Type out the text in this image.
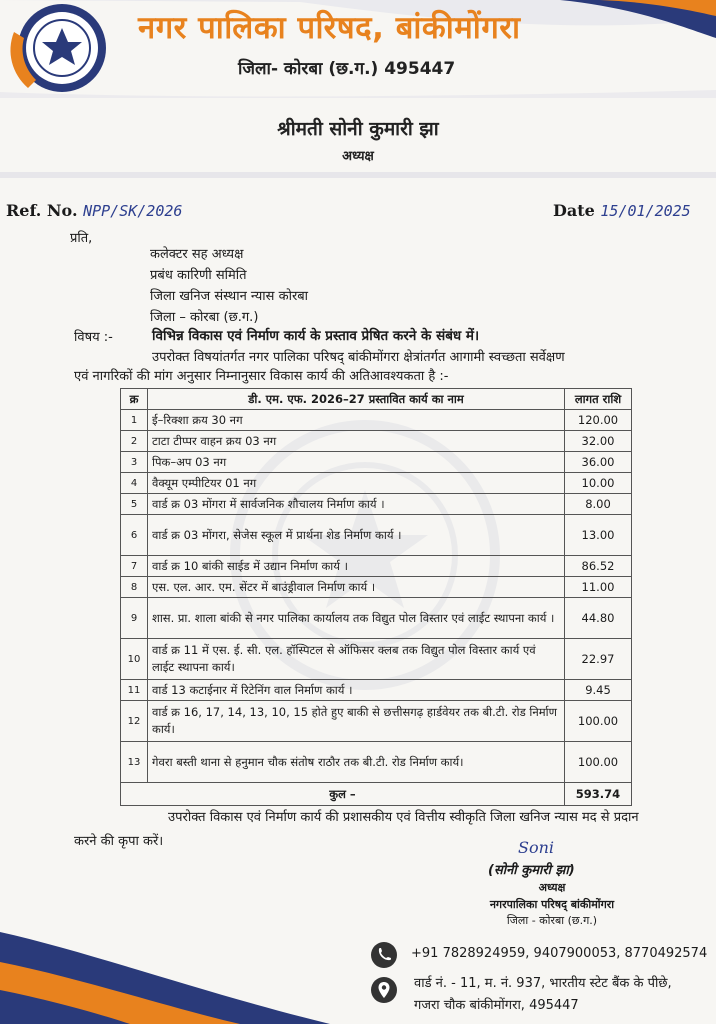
नगर पालिका परिषद, बांकीमोंगरा
जिला- कोरबा (छ.ग.) 495447
श्रीमती सोनी कुमारी झा
अध्यक्ष
Ref. No. NPP/SK/2026	Date 15/01/2025
प्रति,
कलेक्टर सह अध्यक्ष
प्रबंध कारिणी समिति
जिला खनिज संस्थान न्यास कोरबा
जिला – कोरबा (छ.ग.)
विषय :-	विभिन्न विकास एवं निर्माण कार्य के प्रस्ताव प्रेषित करने के संबंध में।
उपरोक्त विषयांतर्गत नगर पालिका परिषद् बांकीमोंगरा क्षेत्रांतर्गत आगामी स्वच्छता सर्वेक्षण
एवं नागरिकों की मांग अनुसार निम्नानुसार विकास कार्य की अतिआवश्यकता है :-
क्र	डी. एम. एफ. 2026–27 प्रस्तावित कार्य का नाम	लागत राशि
1	ई–रिक्शा क्रय 30 नग	120.00
2	टाटा टीप्पर वाहन क्रय 03 नग	32.00
3	पिक–अप 03 नग	36.00
4	वैक्यूम एम्पीटियर 01 नग	10.00
5	वार्ड क्र 03 मोंगरा में सार्वजनिक शौचालय निर्माण कार्य ।	8.00
6	वार्ड क्र 03 मोंगरा, सेजेस स्कूल में प्रार्थना शेड निर्माण कार्य ।	13.00
7	वार्ड क्र 10 बांकी साईड में उद्यान निर्माण कार्य ।	86.52
8	एस. एल. आर. एम. सेंटर में बाउंड्रीवाल निर्माण कार्य ।	11.00
9	शास. प्रा. शाला बांकी से नगर पालिका कार्यालय तक विद्युत पोल विस्तार एवं लाईट स्थापना कार्य ।	44.80
10	वार्ड क्र 11 में एस. ई. सी. एल. हॉस्पिटल से ऑफिसर क्लब तक विद्युत पोल विस्तार कार्य एवं लाईट स्थापना कार्य।	22.97
11	वार्ड 13 कटाईनार में रिटेनिंग वाल निर्माण कार्य ।	9.45
12	वार्ड क्र 16, 17, 14, 13, 10, 15 होते हुए बाकी से छत्तीसगढ़ हार्डवेयर तक बी.टी. रोड निर्माण कार्य।	100.00
13	गेवरा बस्ती थाना से हनुमान चौक संतोष राठौर तक बी.टी. रोड निर्माण कार्य।	100.00
कुल –		593.74
उपरोक्त विकास एवं निर्माण कार्य की प्रशासकीय एवं वित्तीय स्वीकृति जिला खनिज न्यास मद से प्रदान करने की कृपा करें।	Soni
(सोनी कुमारी झा)
अध्यक्ष
नगरपालिका परिषद् बांकीमोंगरा
जिला - कोरबा (छ.ग.)
+91 7828924959, 9407900053, 8770492574
वार्ड नं. - 11, म. नं. 937, भारतीय स्टेट बैंक के पीछे,
गजरा चौक बांकीमोंगरा, 495447
